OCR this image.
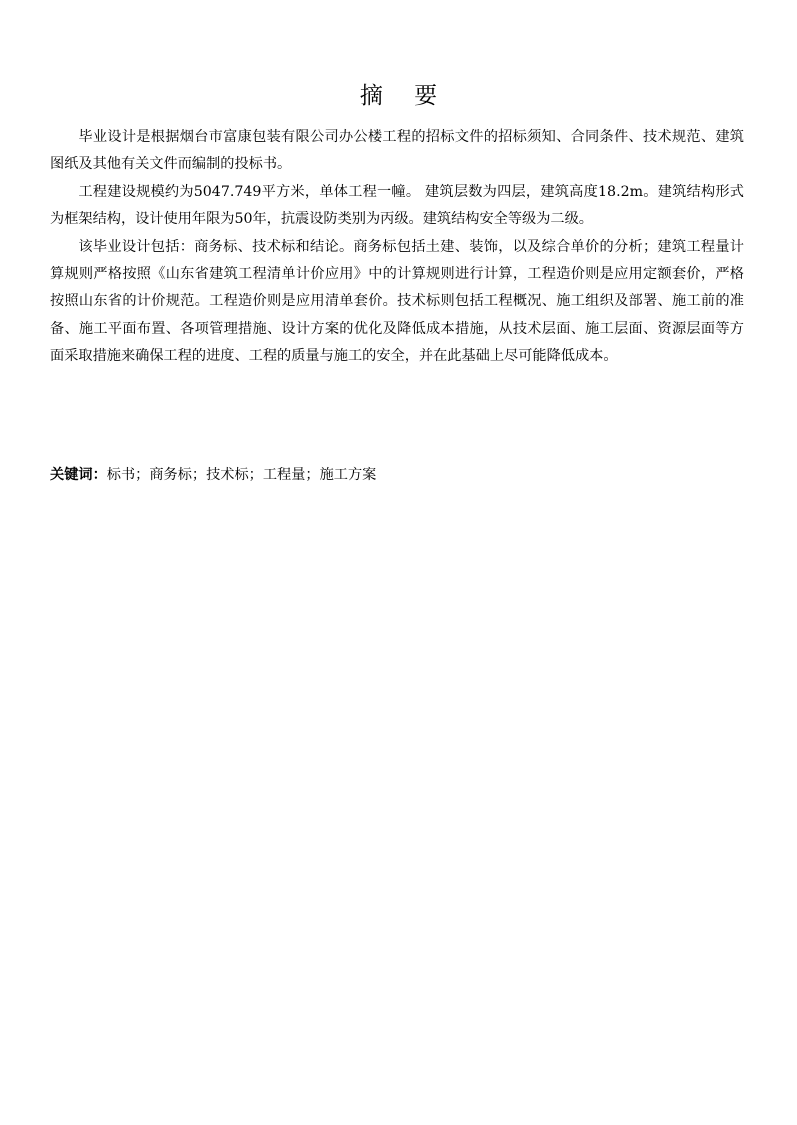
摘 要

毕业设计是根据烟台市富康包装有限公司办公楼工程的招标文件的招标须知、合同条件、技术规范、建筑图纸及其他有关文件而编制的投标书。

工程建设规模约为5047.749平方米，单体工程一幢。 建筑层数为四层，建筑高度18.2m。建筑结构形式为框架结构，设计使用年限为50年，抗震设防类别为丙级。建筑结构安全等级为二级。

该毕业设计包括：商务标、技术标和结论。商务标包括土建、装饰，以及综合单价的分析；建筑工程量计算规则严格按照《山东省建筑工程清单计价应用》中的计算规则进行计算，工程造价则是应用定额套价，严格按照山东省的计价规范。工程造价则是应用清单套价。技术标则包括工程概况、施工组织及部署、施工前的准备、施工平面布置、各项管理措施、设计方案的优化及降低成本措施，从技术层面、施工层面、资源层面等方面采取措施来确保工程的进度、工程的质量与施工的安全，并在此基础上尽可能降低成本。

关键词：标书；商务标；技术标；工程量；施工方案
